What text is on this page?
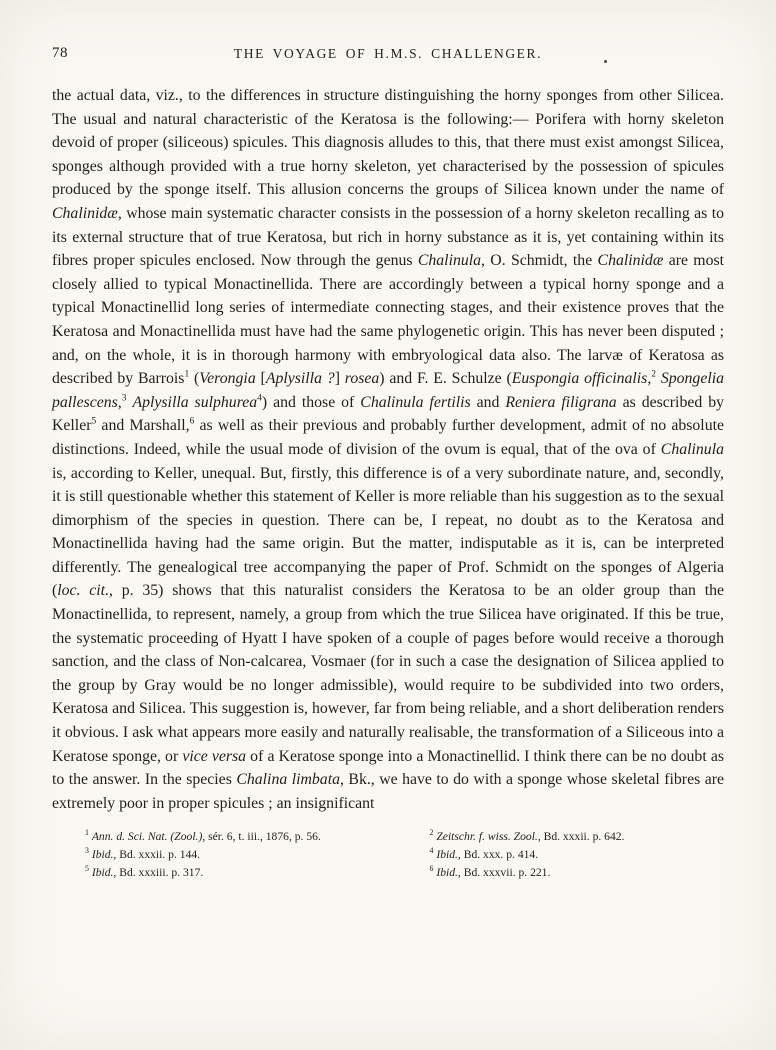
78	THE VOYAGE OF H.M.S. CHALLENGER.

the actual data, viz., to the differences in structure distinguishing the horny sponges from other Silicea. The usual and natural characteristic of the Keratosa is the following:— Porifera with horny skeleton devoid of proper (siliceous) spicules. This diagnosis alludes to this, that there must exist amongst Silicea, sponges although provided with a true horny skeleton, yet characterised by the possession of spicules produced by the sponge itself. This allusion concerns the groups of Silicea known under the name of Chalinidæ, whose main systematic character consists in the possession of a horny skeleton recalling as to its external structure that of true Keratosa, but rich in horny substance as it is, yet containing within its fibres proper spicules enclosed. Now through the genus Chalinula, O. Schmidt, the Chalinidæ are most closely allied to typical Monactinellida. There are accordingly between a typical horny sponge and a typical Monactinellid long series of intermediate connecting stages, and their existence proves that the Keratosa and Monactinellida must have had the same phylogenetic origin. This has never been disputed ; and, on the whole, it is in thorough harmony with embryological data also. The larvæ of Keratosa as described by Barrois$^1$ (Verongia [Aplysilla ?] rosea) and F. E. Schulze (Euspongia officinalis,$^2$ Spongelia pallescens,$^3$ Aplysilla sulphurea$^4$) and those of Chalinula fertilis and Reniera filigrana as described by Keller$^5$ and Marshall,$^6$ as well as their previous and probably further development, admit of no absolute distinctions. Indeed, while the usual mode of division of the ovum is equal, that of the ova of Chalinula is, according to Keller, unequal. But, firstly, this difference is of a very subordinate nature, and, secondly, it is still questionable whether this statement of Keller is more reliable than his suggestion as to the sexual dimorphism of the species in question. There can be, I repeat, no doubt as to the Keratosa and Monactinellida having had the same origin. But the matter, indisputable as it is, can be interpreted differently. The genealogical tree accompanying the paper of Prof. Schmidt on the sponges of Algeria (loc. cit., p. 35) shows that this naturalist considers the Keratosa to be an older group than the Monactinellida, to represent, namely, a group from which the true Silicea have originated. If this be true, the systematic proceeding of Hyatt I have spoken of a couple of pages before would receive a thorough sanction, and the class of Non-calcarea, Vosmaer (for in such a case the designation of Silicea applied to the group by Gray would be no longer admissible), would require to be subdivided into two orders, Keratosa and Silicea. This suggestion is, however, far from being reliable, and a short deliberation renders it obvious. I ask what appears more easily and naturally realisable, the transformation of a Siliceous into a Keratose sponge, or vice versa of a Keratose sponge into a Monactinellid. I think there can be no doubt as to the answer. In the species Chalina limbata, Bk., we have to do with a sponge whose skeletal fibres are extremely poor in proper spicules ; an insignificant

$^1$ Ann. d. Sci. Nat. (Zool.), sér. 6, t. iii., 1876, p. 56.
$^3$ Ibid., Bd. xxxii. p. 144.
$^5$ Ibid., Bd. xxxiii. p. 317.
$^2$ Zeitschr. f. wiss. Zool., Bd. xxxii. p. 642.
$^4$ Ibid., Bd. xxx. p. 414.
$^6$ Ibid., Bd. xxxvii. p. 221.
